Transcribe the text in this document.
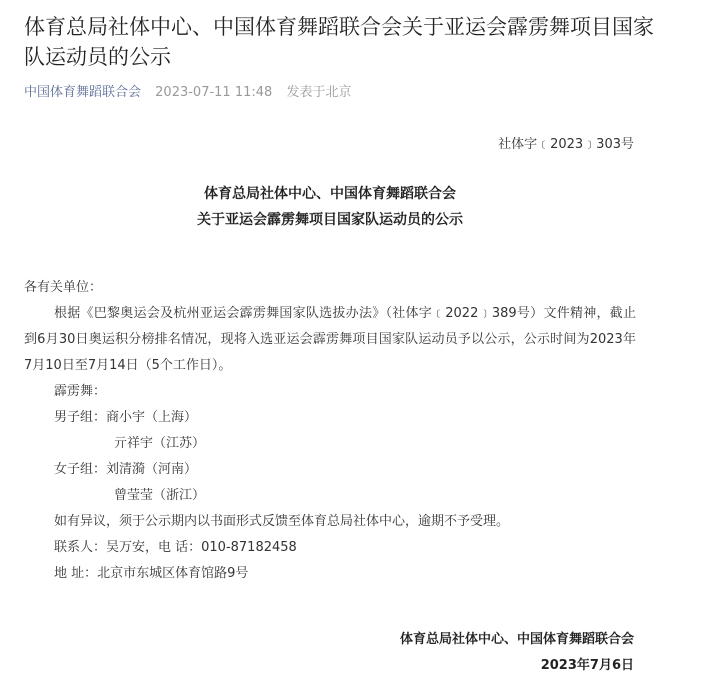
体育总局社体中心、中国体育舞蹈联合会关于亚运会霹雳舞项目国家队运动员的公示
中国体育舞蹈联合会 2023-07-11 11:48 发表于北京
社体字﹝2023﹞303号
体育总局社体中心、中国体育舞蹈联合会
关于亚运会霹雳舞项目国家队运动员的公示

各有关单位：

根据《巴黎奥运会及杭州亚运会霹雳舞国家队选拔办法》（社体字﹝2022﹞389号）文件精神，截止到6月30日奥运积分榜排名情况，现将入选亚运会霹雳舞项目国家队运动员予以公示，公示时间为2023年7月10日至7月14日（5个工作日）。

霹雳舞：

男子组：商小宇（上海）

亓祥宇（江苏）

女子组：刘清漪（河南）

曾莹莹（浙江）

如有异议，须于公示期内以书面形式反馈至体育总局社体中心，逾期不予受理。

联系人：吴万安，电 话：010-87182458

地 址：北京市东城区体育馆路9号

体育总局社体中心、中国体育舞蹈联合会
2023年7月6日
